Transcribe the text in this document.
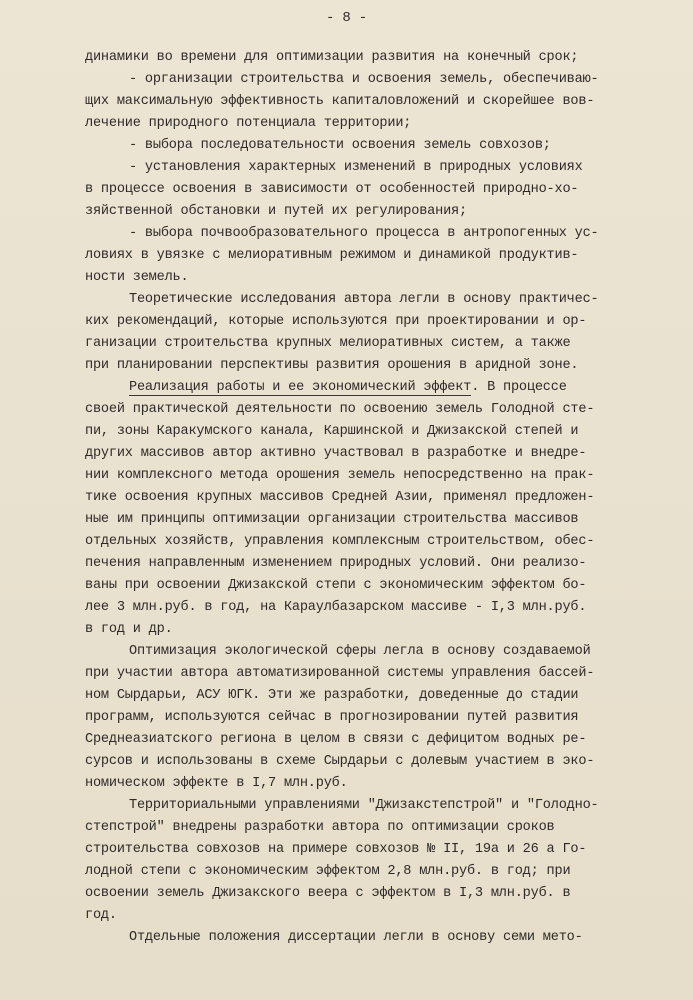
- 8 -
динамики во времени для оптимизации развития на конечный срок;
- организации строительства и освоения земель, обеспечиваю-
щих максимальную эффективность капиталовложений и скорейшее вов-
лечение природного потенциала территории;
- выбора последовательности освоения земель совхозов;
- установления характерных изменений в природных условиях
в процессе освоения в зависимости от особенностей природно-хо-
зяйственной обстановки и путей их регулирования;
- выбора почвообразовательного процесса в антропогенных ус-
ловиях в увязке с мелиоративным режимом и динамикой продуктив-
ности земель.
Теоретические исследования автора легли в основу практичес-
ких рекомендаций, которые используются при проектировании и ор-
ганизации строительства крупных мелиоративных систем, а также
при планировании перспективы развития орошения в аридной зоне.
Реализация работы и ее экономический эффект. В процессе
своей практической деятельности по освоению земель Голодной сте-
пи, зоны Каракумского канала, Каршинской и Джизакской степей и
других массивов автор активно участвовал в разработке и внедре-
нии комплексного метода орошения земель непосредственно на прак-
тике освоения крупных массивов Средней Азии, применял предложен-
ные им принципы оптимизации организации строительства массивов
отдельных хозяйств, управления комплексным строительством, обес-
печения направленным изменением природных условий. Они реализо-
ваны при освоении Джизакской степи с экономическим эффектом бо-
лее 3 млн.руб. в год, на Караулбазарском массиве - I,3 млн.руб.
в год и др.
Оптимизация экологической сферы легла в основу создаваемой
при участии автора автоматизированной системы управления бассей-
ном Сырдарьи, АСУ ЮГК. Эти же разработки, доведенные до стадии
программ, используются сейчас в прогнозировании путей развития
Среднеазиатского региона в целом в связи с дефицитом водных ре-
сурсов и использованы в схеме Сырдарьи с долевым участием в эко-
номическом эффекте в I,7 млн.руб.
Территориальными управлениями "Джизакстепстрой" и "Голодно-
степстрой" внедрены разработки автора по оптимизации сроков
строительства совхозов на примере совхозов № II, 19а и 26 а Го-
лодной степи с экономическим эффектом 2,8 млн.руб. в год; при
освоении земель Джизакского веера с эффектом в I,3 млн.руб. в
год.
Отдельные положения диссертации легли в основу семи мето-
